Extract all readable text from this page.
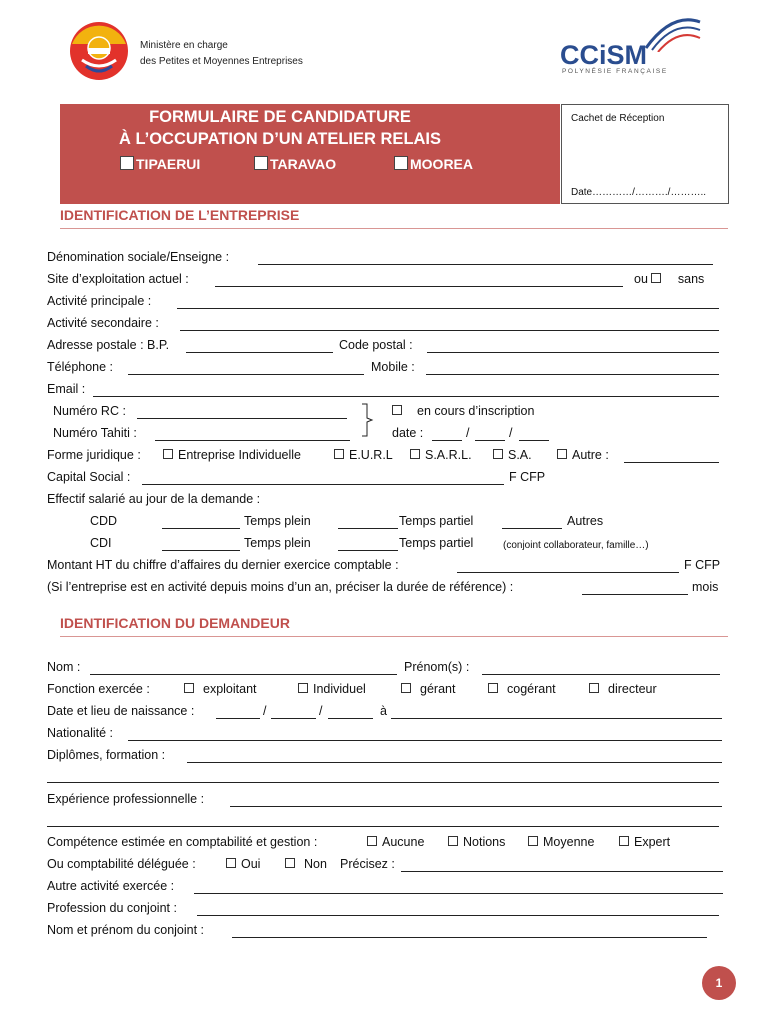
Ministère en charge
des Petites et Moyennes Entreprises	CCiSM
POLYNÉSIE FRANÇAISE
FORMULAIRE DE CANDIDATURE
À L’OCCUPATION D’UN ATELIER RELAIS
TIPAERUI	TARAVAO	MOOREA
Cachet de Réception
Date…………/………./………..
IDENTIFICATION DE L’ENTREPRISE
Dénomination sociale/Enseigne :
Site d’exploitation actuel :	ou sans
Activité principale :
Activité secondaire :
Adresse postale : B.P.	Code postal :
Téléphone :	Mobile :
Email :
Numéro RC :
Numéro Tahiti :
en cours d’inscription
date :	/	/
Forme juridique :	Entreprise Individuelle	E.U.R.L	S.A.R.L.	S.A.	Autre :
Capital Social :	F CFP
Effectif salarié au jour de la demande :
CDD	Temps plein	Temps partiel	Autres
CDI	Temps plein	Temps partiel	(conjoint collaborateur, famille…)
Montant HT du chiffre d’affaires du dernier exercice comptable :	F CFP
(Si l’entreprise est en activité depuis moins d’un an, préciser la durée de référence) :	mois
IDENTIFICATION DU DEMANDEUR
Nom :	Prénom(s) :
Fonction exercée :	exploitant	Individuel	gérant	cogérant	directeur
Date et lieu de naissance :	/	/	à
Nationalité :
Diplômes, formation :
Expérience professionnelle :
Compétence estimée en comptabilité et gestion :	Aucune	Notions	Moyenne	Expert
Ou comptabilité déléguée :	Oui	Non Précisez :
Autre activité exercée :
Profession du conjoint :
Nom et prénom du conjoint :
1
